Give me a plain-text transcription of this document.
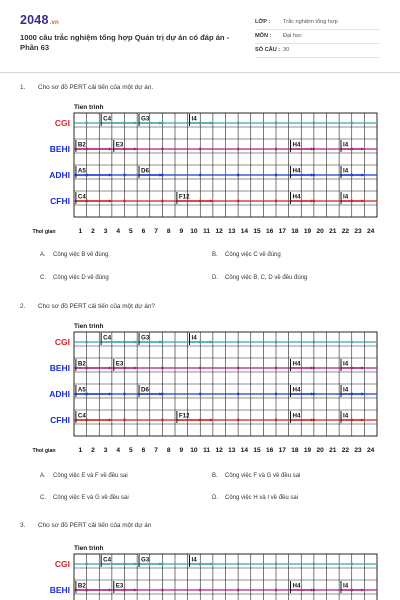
2048.vn
1000 câu trắc nghiệm tổng hợp Quản trị dự án có đáp án - Phần 63
LỚP : Trắc nghiệm tổng hợp
MÔN : Đại học
SỐ CÂU : 30
1. Cho sơ đồ PERT cải tiến của một dự án.
Tien trinh
CGI	C4	G3	I4
BEHI B2	E3	H4	I4
ADHI A5	D6	H4	I4
CFHI C4	F12	H4	I4
Thoi gian	1 2 3 4 5 6 7 8 9 10 11 12 13 14 15 16 17 18 19 20 21 22 23 24
A. Công việc B về đúng	B. Công việc C về đúng
C. Công việc D về đúng	D. Công việc B, C, D về đều đúng
2. Cho sơ đồ PERT cải tiến của một dự án?
Tien trinh
CGI	C4	G3	I4
BEHI B2	E3	H4	I4
ADHI A5	D6	H4	I4
CFHI C4	F12	H4	I4
Thoi gian	1 2 3 4 5 6 7 8 9 10 11 12 13 14 15 16 17 18 19 20 21 22 23 24
A. Công việc E và F về đều sai	B. Công việc F và G về đều sai
C. Công việc E và G về đều sai	D. Công việc H và I về đều sai
3. Cho sơ đồ PERT cải tiến của một dự án
Tien trinh
CGI	C4	G3	I4
BEHI B2	E3	H4	I4
